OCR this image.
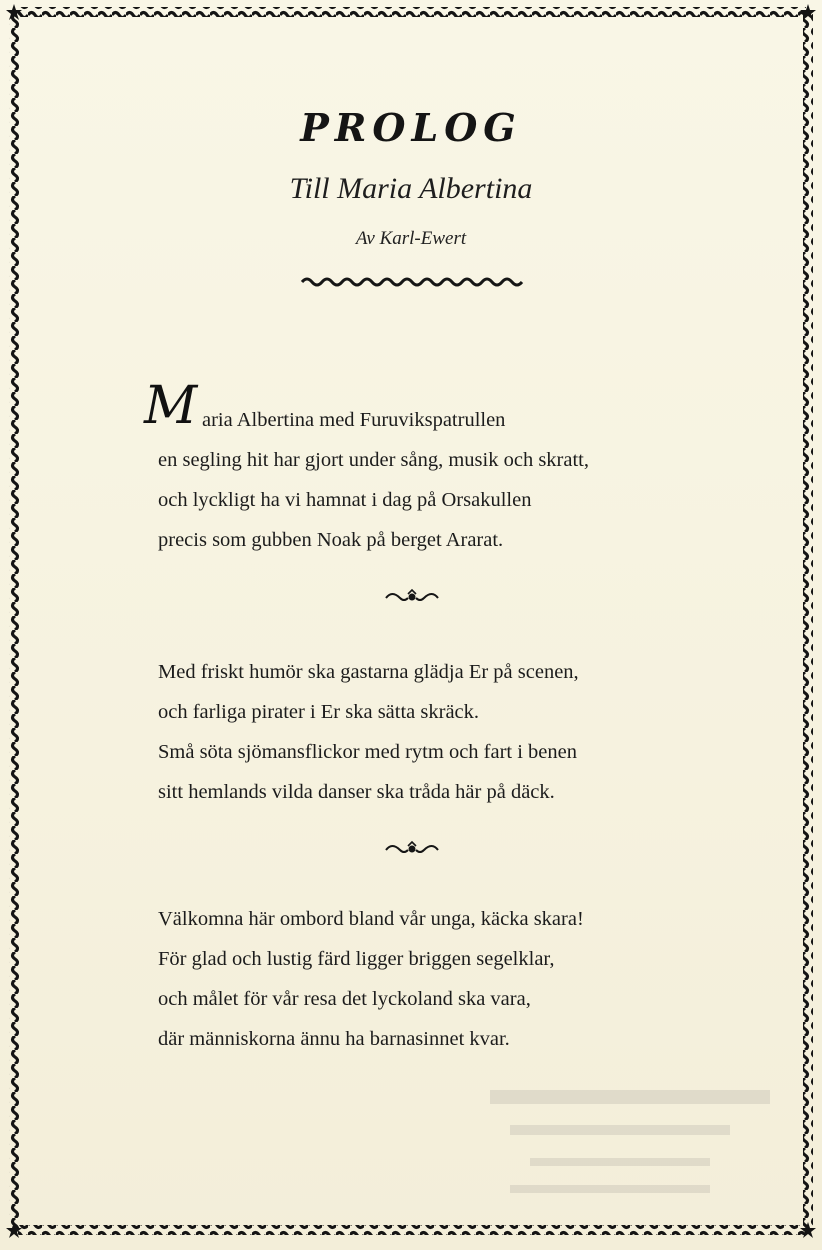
PROLOG
Till Maria Albertina
Av Karl-Ewert
M aria Albertina med Furuvikspatrullen
en segling hit har gjort under sång, musik och skratt,
och lyckligt ha vi hamnat i dag på Orsakullen
precis som gubben Noak på berget Ararat.
Med friskt humör ska gastarna glädja Er på scenen,
och farliga pirater i Er ska sätta skräck.
Små söta sjömansflickor med rytm och fart i benen
sitt hemlands vilda danser ska tråda här på däck.
Välkomna här ombord bland vår unga, käcka skara!
För glad och lustig färd ligger briggen segelklar,
och målet för vår resa det lyckoland ska vara,
där människorna ännu ha barnasinnet kvar.
